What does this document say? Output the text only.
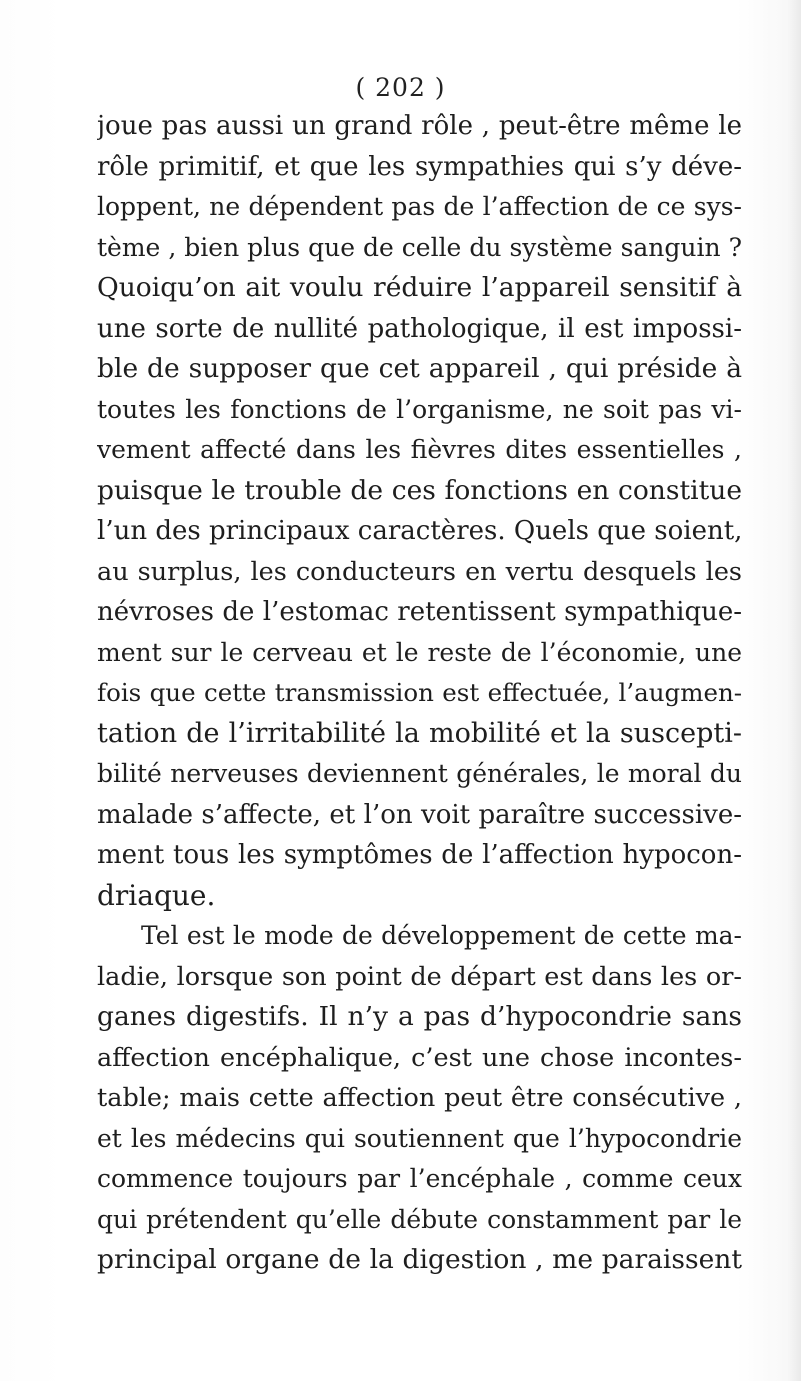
( 202 )
joue pas aussi un grand rôle , peut-être même le
rôle primitif, et que les sympathies qui s’y déve-
loppent, ne dépendent pas de l’affection de ce sys-
tème , bien plus que de celle du système sanguin ?
Quoiqu’on ait voulu réduire l’appareil sensitif à
une sorte de nullité pathologique, il est impossi-
ble de supposer que cet appareil , qui préside à
toutes les fonctions de l’organisme, ne soit pas vi-
vement affecté dans les fièvres dites essentielles ,
puisque le trouble de ces fonctions en constitue
l’un des principaux caractères. Quels que soient,
au surplus, les conducteurs en vertu desquels les
névroses de l’estomac retentissent sympathique-
ment sur le cerveau et le reste de l’économie, une
fois que cette transmission est effectuée, l’augmen-
tation de l’irritabilité la mobilité et la suscepti-
bilité nerveuses deviennent générales, le moral du
malade s’affecte, et l’on voit paraître successive-
ment tous les symptômes de l’affection hypocon-
driaque.
Tel est le mode de développement de cette ma-
ladie, lorsque son point de départ est dans les or-
ganes digestifs. Il n’y a pas d’hypocondrie sans
affection encéphalique, c’est une chose incontes-
table; mais cette affection peut être consécutive ,
et les médecins qui soutiennent que l’hypocondrie
commence toujours par l’encéphale , comme ceux
qui prétendent qu’elle débute constamment par le
principal organe de la digestion , me paraissent
